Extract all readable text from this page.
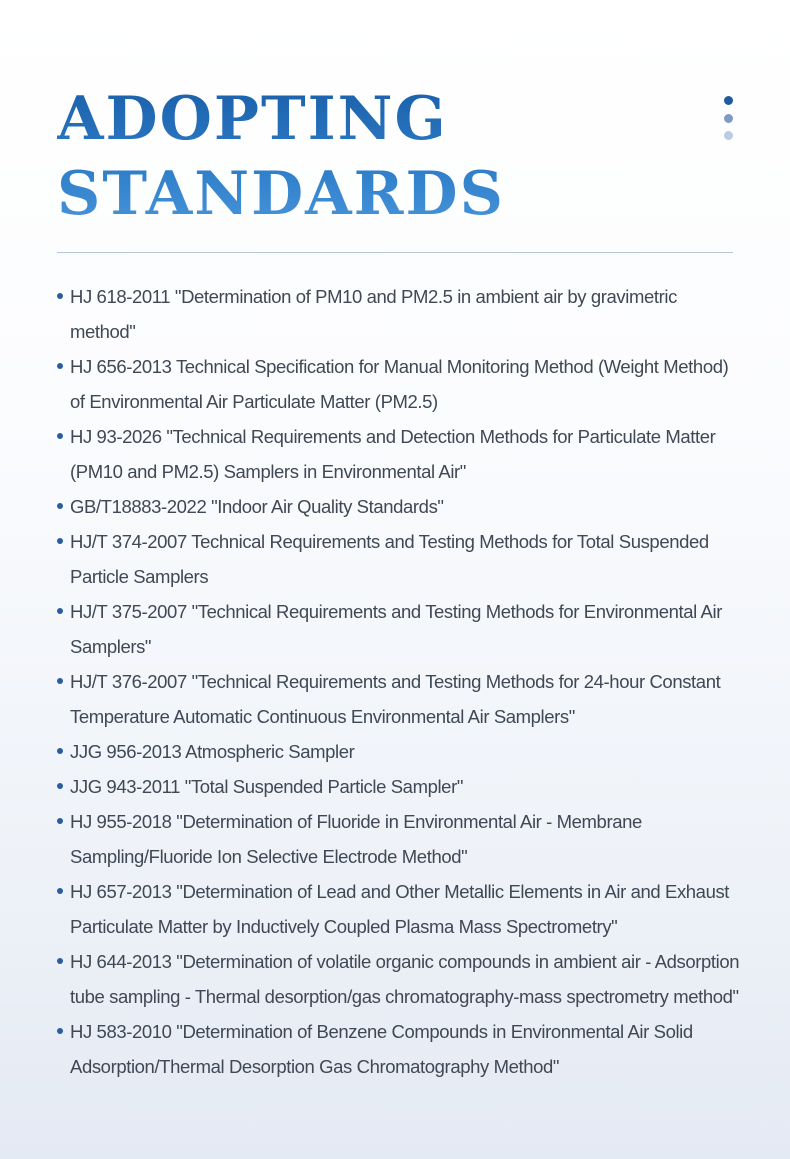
ADOPTING
STANDARDS
HJ 618-2011 "Determination of PM10 and PM2.5 in ambient air by gravimetric method"
HJ 656-2013 Technical Specification for Manual Monitoring Method (Weight Method) of Environmental Air Particulate Matter (PM2.5)
HJ 93-2026 "Technical Requirements and Detection Methods for Particulate Matter (PM10 and PM2.5) Samplers in Environmental Air"
GB/T18883-2022 "Indoor Air Quality Standards"
HJ/T 374-2007 Technical Requirements and Testing Methods for Total Suspended Particle Samplers
HJ/T 375-2007 "Technical Requirements and Testing Methods for Environmental Air Samplers"
HJ/T 376-2007 "Technical Requirements and Testing Methods for 24-hour Constant Temperature Automatic Continuous Environmental Air Samplers"
JJG 956-2013 Atmospheric Sampler
JJG 943-2011 "Total Suspended Particle Sampler"
HJ 955-2018 "Determination of Fluoride in Environmental Air - Membrane Sampling/Fluoride Ion Selective Electrode Method"
HJ 657-2013 "Determination of Lead and Other Metallic Elements in Air and Exhaust Particulate Matter by Inductively Coupled Plasma Mass Spectrometry"
HJ 644-2013 "Determination of volatile organic compounds in ambient air - Adsorption tube sampling - Thermal desorption/gas chromatography-mass spectrometry method"
HJ 583-2010 "Determination of Benzene Compounds in Environmental Air Solid Adsorption/Thermal Desorption Gas Chromatography Method"
